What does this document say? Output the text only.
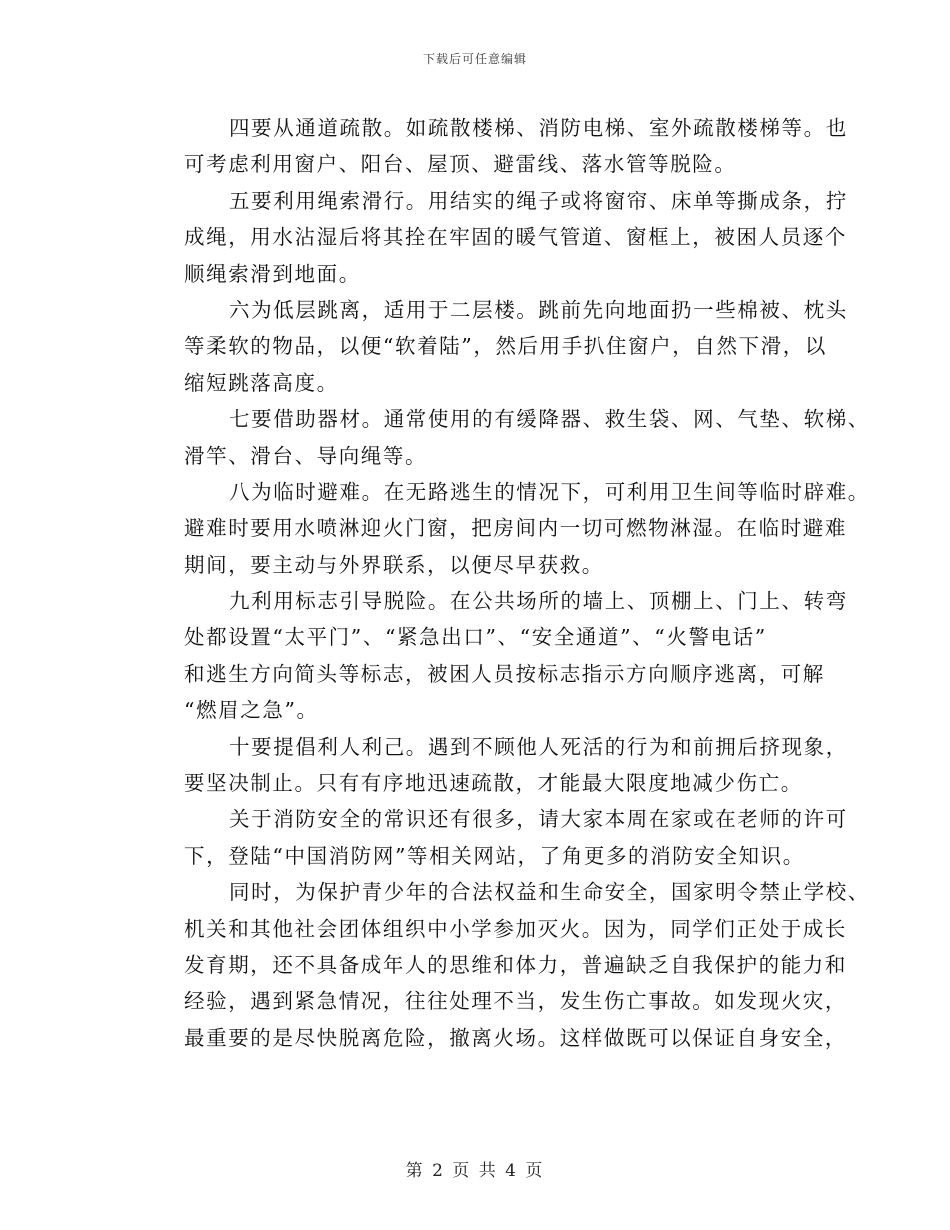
下载后可任意编辑
四要从通道疏散。如疏散楼梯、消防电梯、室外疏散楼梯等。也
可考虑利用窗户、阳台、屋顶、避雷线、落水管等脱险。
五要利用绳索滑行。用结实的绳子或将窗帘、床单等撕成条，拧
成绳，用水沾湿后将其拴在牢固的暖气管道、窗框上，被困人员逐个
顺绳索滑到地面。
六为低层跳离，适用于二层楼。跳前先向地面扔一些棉被、枕头
等柔软的物品，以便“软着陆”，然后用手扒住窗户，自然下滑，以
缩短跳落高度。
七要借助器材。通常使用的有缓降器、救生袋、网、气垫、软梯、
滑竿、滑台、导向绳等。
八为临时避难。在无路逃生的情况下，可利用卫生间等临时辟难。
避难时要用水喷淋迎火门窗，把房间内一切可燃物淋湿。在临时避难
期间，要主动与外界联系，以便尽早获救。
九利用标志引导脱险。在公共场所的墙上、顶棚上、门上、转弯
处都设置“太平门”、“紧急出口”、“安全通道”、“火警电话”
和逃生方向简头等标志，被困人员按标志指示方向顺序逃离，可解
“燃眉之急”。
十要提倡利人利己。遇到不顾他人死活的行为和前拥后挤现象，
要坚决制止。只有有序地迅速疏散，才能最大限度地减少伤亡。
关于消防安全的常识还有很多，请大家本周在家或在老师的许可
下，登陆“中国消防网”等相关网站，了角更多的消防安全知识。
同时，为保护青少年的合法权益和生命安全，国家明令禁止学校、
机关和其他社会团体组织中小学参加灭火。因为，同学们正处于成长
发育期，还不具备成年人的思维和体力，普遍缺乏自我保护的能力和
经验，遇到紧急情况，往往处理不当，发生伤亡事故。如发现火灾，
最重要的是尽快脱离危险，撤离火场。这样做既可以保证自身安全，
第 2 页 共 4 页
